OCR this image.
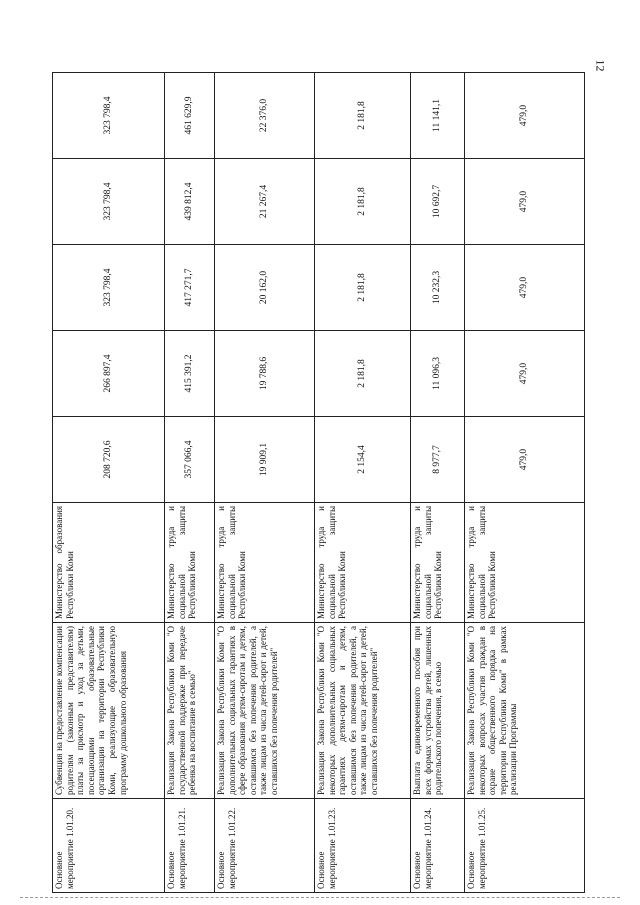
12
Основное мероприятие 1.01.20.	Субвенция на предоставление компенсации родителям (законным представителям) платы за присмотр и уход за детьми, посещающими образовательные организации на территории Республики Коми, реализующие образовательную программу дошкольного образования	Министерство образования Республики Коми	208 720,6	266 897,4	323 798,4	323 798,4	323 798,4
Основное мероприятие 1.01.21.	Реализация Закона Республики Коми "О государственной поддержке при передаче ребенка на воспитание в семью"	Министерство труда и социальной защиты Республики Коми	357 066,4	415 391,2	417 271,7	439 812,4	461 629,9
Основное мероприятие 1.01.22.	Реализация Закона Республики Коми "О дополнительных социальных гарантиях в сфере образования детям-сиротам и детям, оставшимся без попечения родителей, а также лицам из числа детей-сирот и детей, оставшихся без попечения родителей"	Министерство труда и социальной защиты Республики Коми	19 909,1	19 788,6	20 162,0	21 267,4	22 376,0
Основное мероприятие 1.01.23.	Реализация Закона Республики Коми "О некоторых дополнительных социальных гарантиях детям-сиротам и детям, оставшимся без попечения родителей, а также лицам из числа детей-сирот и детей, оставшихся без попечения родителей"	Министерство труда и социальной защиты Республики Коми	2 154,4	2 181,8	2 181,8	2 181,8	2 181,8
Основное мероприятие 1.01.24.	Выплата единовременного пособия при всех формах устройства детей, лишенных родительского попечения, в семью	Министерство труда и социальной защиты Республики Коми	8 977,7	11 096,3	10 232,3	10 692,7	11 141,1
Основное мероприятие 1.01.25.	Реализация Закона Республики Коми "О некоторых вопросах участия граждан в охране общественного порядка на территории Республики Коми" в рамках реализации Программы	Министерство труда и социальной защиты Республики Коми	479,0	479,0	479,0	479,0	479,0
